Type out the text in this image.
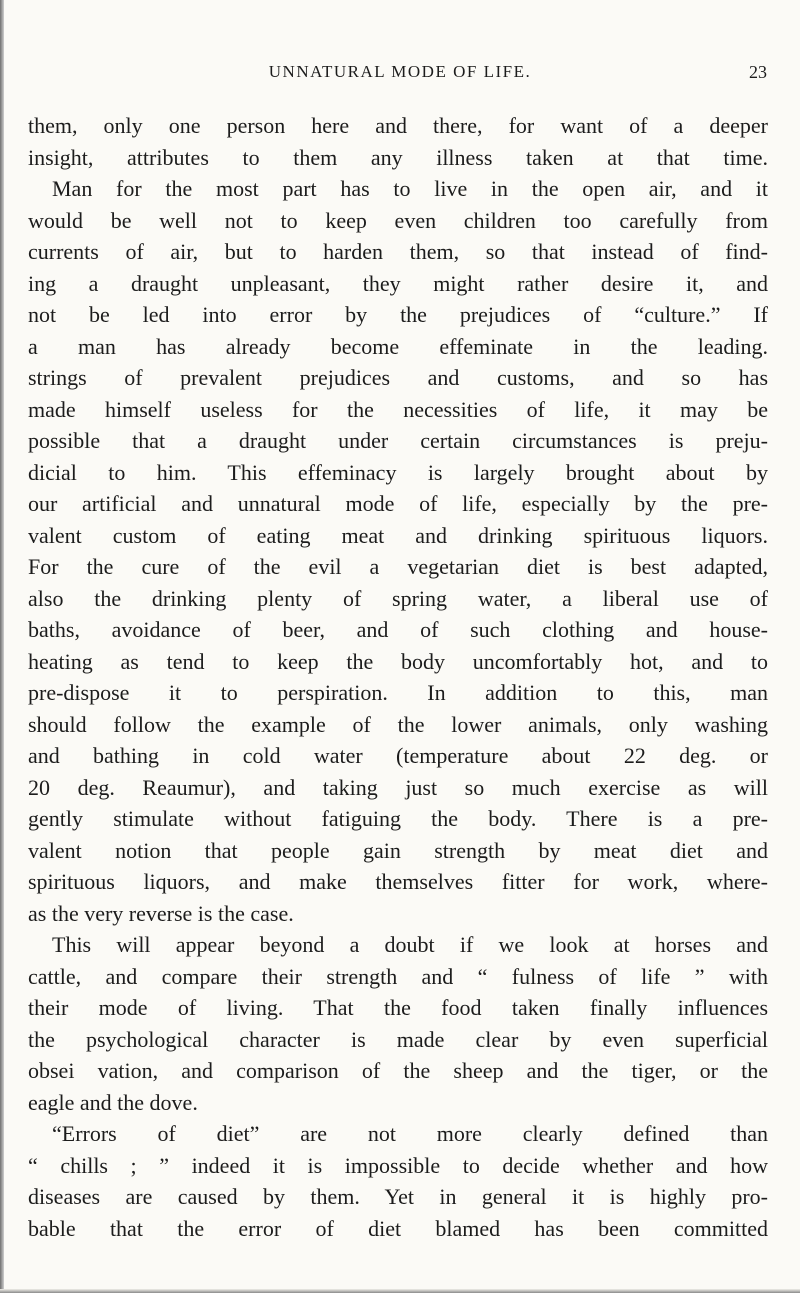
UNNATURAL MODE OF LIFE.	23
them, only one person here and there, for want of a deeper
insight, attributes to them any illness taken at that time.
Man for the most part has to live in the open air, and it
would be well not to keep even children too carefully from
currents of air, but to harden them, so that instead of find-
ing a draught unpleasant, they might rather desire it, and
not be led into error by the prejudices of “culture.” If
a man has already become effeminate in the leading.
strings of prevalent prejudices and customs, and so has
made himself useless for the necessities of life, it may be
possible that a draught under certain circumstances is preju-
dicial to him. This effeminacy is largely brought about by
our artificial and unnatural mode of life, especially by the pre-
valent custom of eating meat and drinking spirituous liquors.
For the cure of the evil a vegetarian diet is best adapted,
also the drinking plenty of spring water, a liberal use of
baths, avoidance of beer, and of such clothing and house-
heating as tend to keep the body uncomfortably hot, and to
pre-dispose it to perspiration. In addition to this, man
should follow the example of the lower animals, only washing
and bathing in cold water (temperature about 22 deg. or
20 deg. Reaumur), and taking just so much exercise as will
gently stimulate without fatiguing the body. There is a pre-
valent notion that people gain strength by meat diet and
spirituous liquors, and make themselves fitter for work, where-
as the very reverse is the case.
This will appear beyond a doubt if we look at horses and
cattle, and compare their strength and “ fulness of life ” with
their mode of living. That the food taken finally influences
the psychological character is made clear by even superficial
obsei vation, and comparison of the sheep and the tiger, or the
eagle and the dove.
“Errors of diet” are not more clearly defined than
“ chills ; ” indeed it is impossible to decide whether and how
diseases are caused by them. Yet in general it is highly pro-
bable that the error of diet blamed has been committed
